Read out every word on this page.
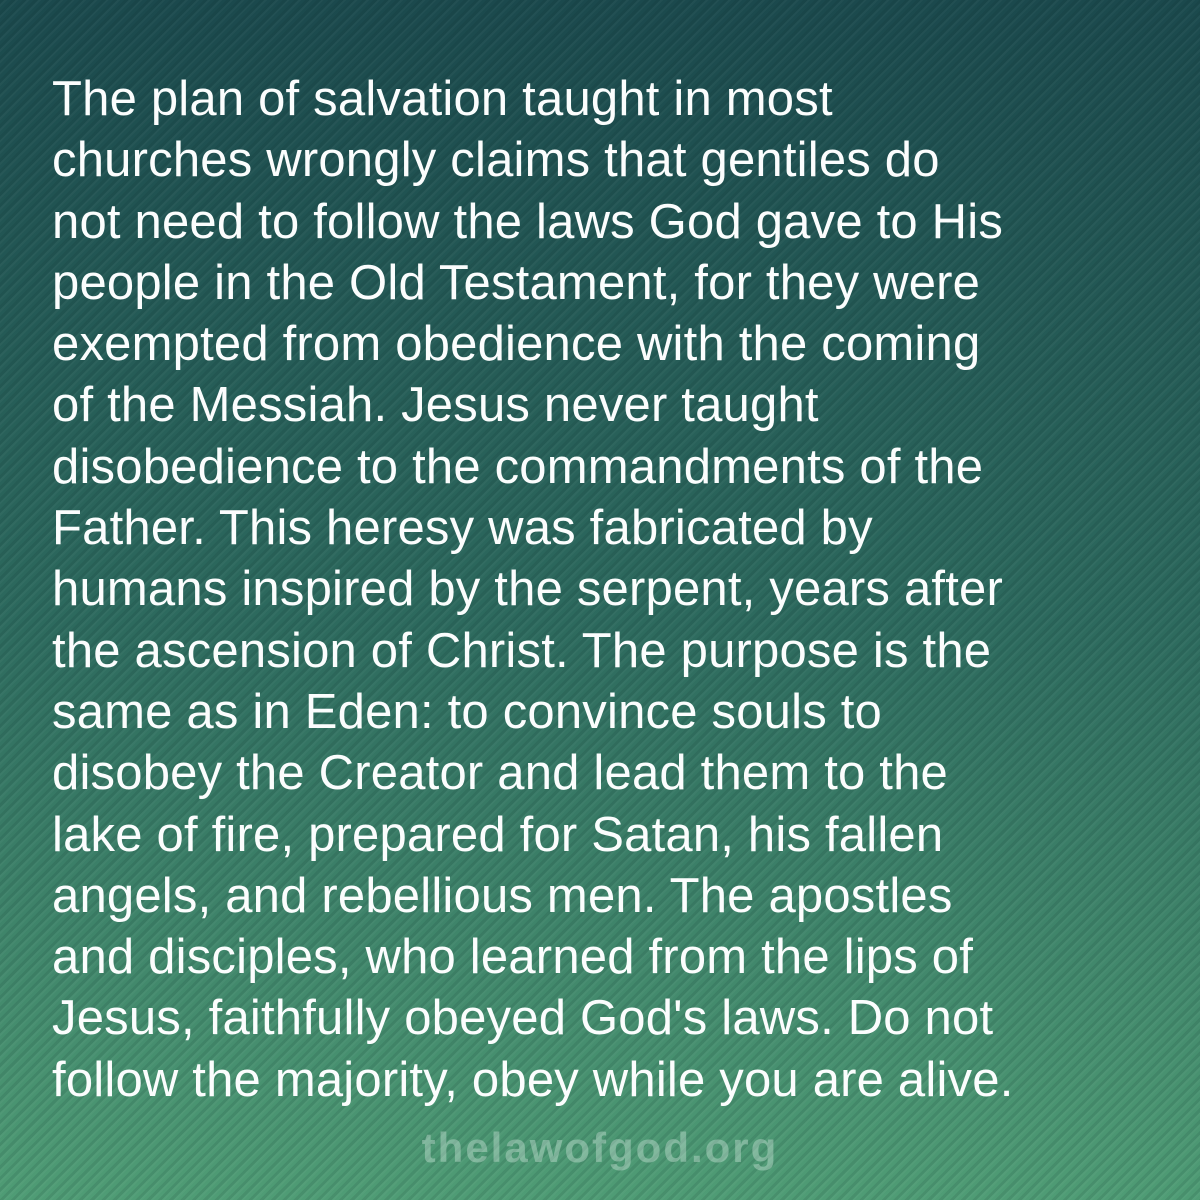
The plan of salvation taught in most
churches wrongly claims that gentiles do
not need to follow the laws God gave to His
people in the Old Testament, for they were
exempted from obedience with the coming
of the Messiah. Jesus never taught
disobedience to the commandments of the
Father. This heresy was fabricated by
humans inspired by the serpent, years after
the ascension of Christ. The purpose is the
same as in Eden: to convince souls to
disobey the Creator and lead them to the
lake of fire, prepared for Satan, his fallen
angels, and rebellious men. The apostles
and disciples, who learned from the lips of
Jesus, faithfully obeyed God's laws. Do not
follow the majority, obey while you are alive.
thelawofgod.org
